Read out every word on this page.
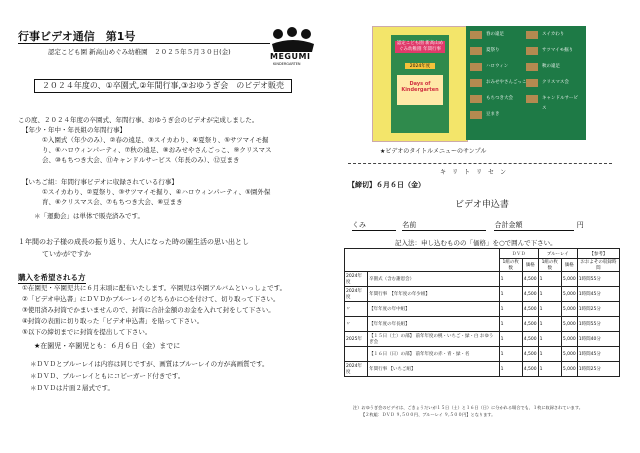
行事ビデオ通信　第1号
認定こども園 新高山めぐみ幼稚園　２０２５年５月３０日(金)	MEGUMI
KINDERGARTEN
２０２４年度の、①卒園式,②年間行事,③おゆうぎ会　のビデオ販売
この度、２０２４年度の卒園式、年間行事、おゆうぎ会のビデオが完成しました。
【年少・年中・年長組の年間行事】
①入園式（年少のみ）、②春の遠足、③スイカわり、④夏祭り、⑤サツマイモ掘
り、⑥ハロウィンパーティ、⑦秋の遠足、⑧おみせやさんごっこ、⑨クリスマス
会、⑩もちつき大会、⑪キャンドルサービス（年長のみ）、⑫豆まき
【いちご組：年間行事ビデオに収録されている行事】
①スイカわり、②夏祭り、③サツマイモ掘り、④ハロウィンパーティ、⑤園外保
育、⑥クリスマス会、⑦もちつき大会、⑧豆まき
＊「運動会」は単体で販売済みです。
１年間のお子様の成長の振り返り、大人になった時の園生活の思い出とし
ていかがですか
購入を希望される方
①在園児・卒園児共に６月末頃に配布いたします。卒園児は卒園アルバムといっしょです。
②「ビデオ申込書」にＤＶＤかブルーレイのどちらかに○を付けて、切り取って下さい。
③使用済み封筒でかまいませんので、封筒に合計金額のお金を入れて封をして下さい。
④封筒の表面に切り取った「ビデオ申込書」を貼って下さい。
⑤以下の締切までに封筒を提出して下さい。
★在園児・卒園児とも：６月６日（金）までに
＊ＤＶＤとブルーレイは内容は同じですが、画質はブルーレイの方が高画質です。
＊ＤＶＤ、ブルーレイともにコピーガード付きです。
＊ＤＶＤは片面２層式です。
認定こども園 新高山めぐみ幼稚園 年間行事
2024年度
Days of Kindergarten
春の遠足	スイカわり
夏祭り	サツマイモ掘り
ハロウィン	秋の遠足
おみせやさんごっこ	クリスマス会
もちつき大会	キャンドルサービス
豆まき
★ビデオのタイトルメニューのサンプル
キリトリセン
【締切】６月６日（金）
ビデオ申込書
くみ	名前	合計金額	円
記入法：申し込むものの「価格」を○で囲んで下さい。
		ＤＶＤ		ブルーレイ		【参考】
		1組の枚数	価格	1組の枚数	価格	おおよその収録時間
2024年度	卒園式（含む謝恩会）	1	4,500	1	5,000	1時間55分
2024年度	年間行事　【年年度の年少組】	1	4,500	1	5,000	1時間45分
〃	【年年度の年中組】	1	4,500	1	5,000	1時間25分
〃	【年年度の年長組】	1	4,500	1	5,000	1時間55分
2025年	【１５日（土）の部】 前年年度の桃・いちご・緑・白 おゆうぎ会	1	4,500	1	5,000	1時間40分
	【１６日（日）の部】 前年年度の赤・青・緑・名	1	4,500	1	5,000	1時間45分
2024年度	年間行事 【いちご組】	1	4,500	1	5,000	1時間25分
注）おゆうぎ会のビデオは、ごきょうだいが１５日（土）と１６日（日）に分かれる場合でも、１枚に収録されています。
【２枚組：ＤＶＤ ９,５００円、ブルーレイ ９,５００円】となります。
